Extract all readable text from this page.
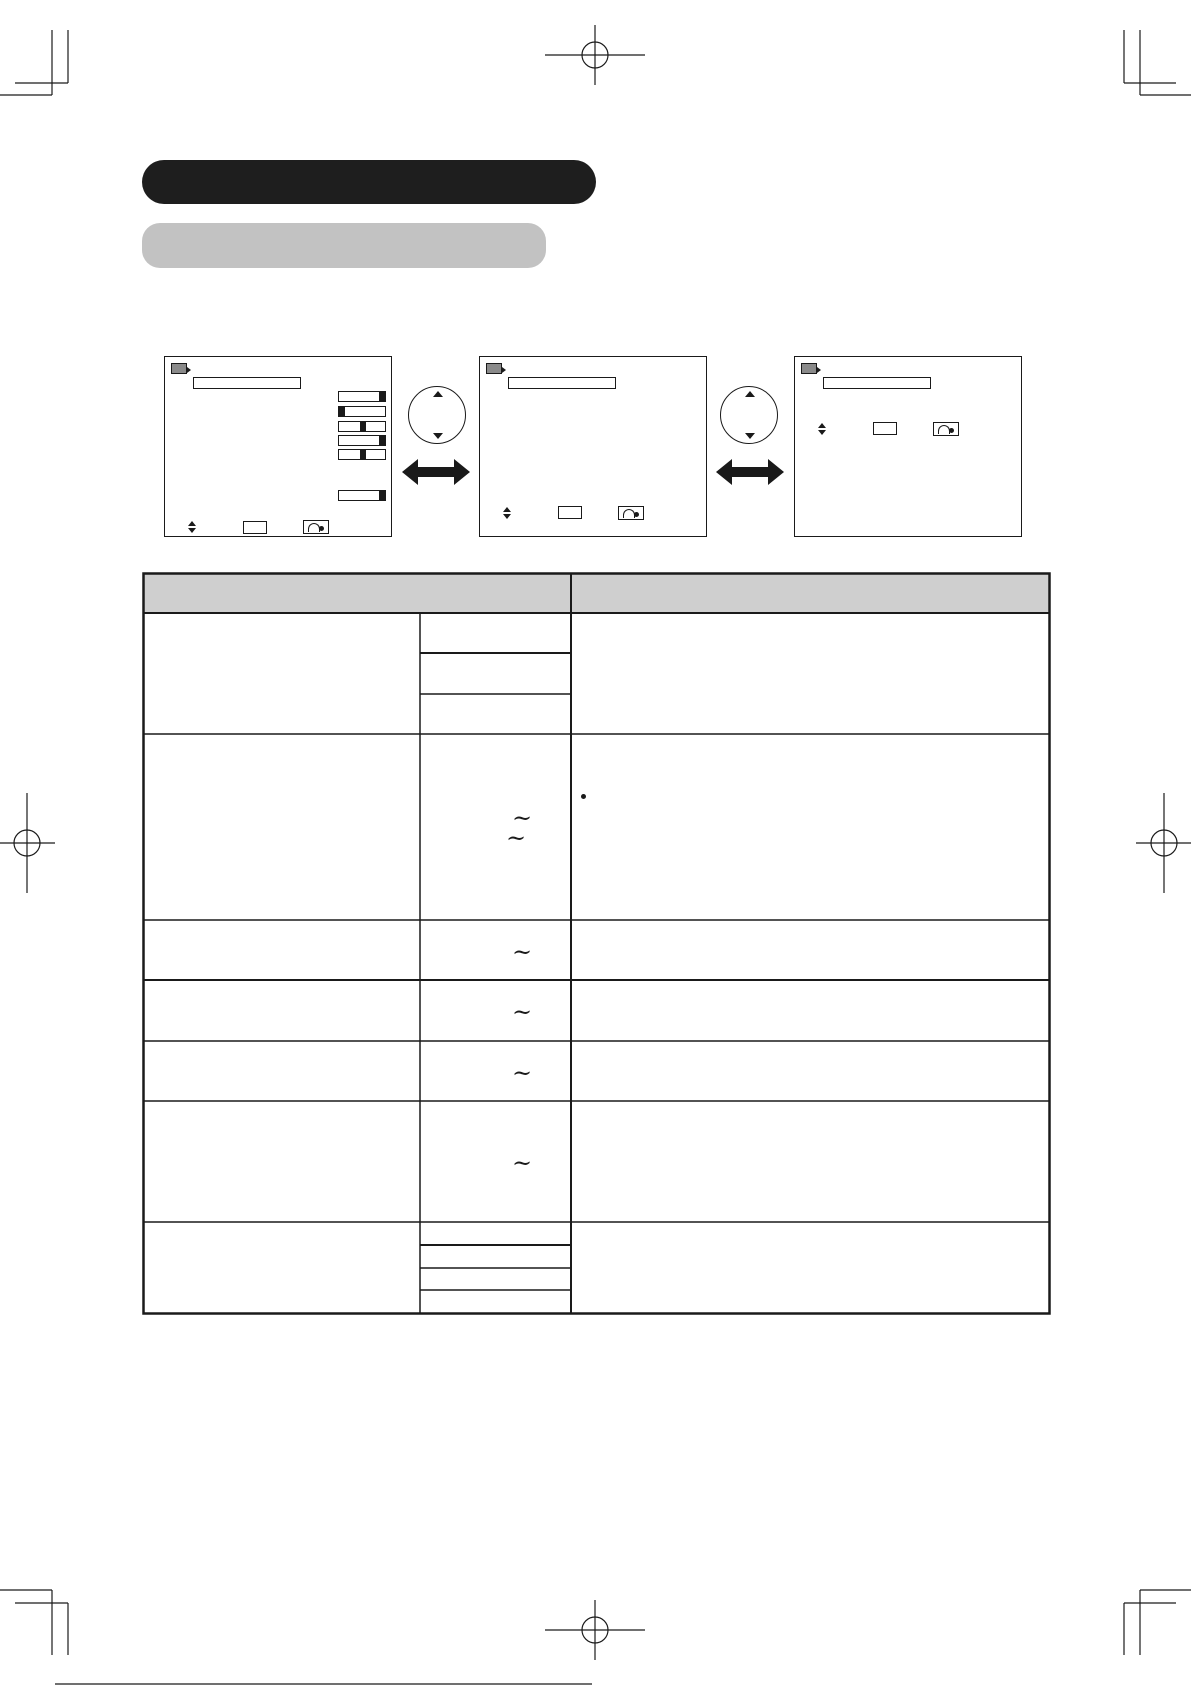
~
~
~
~
~
~
